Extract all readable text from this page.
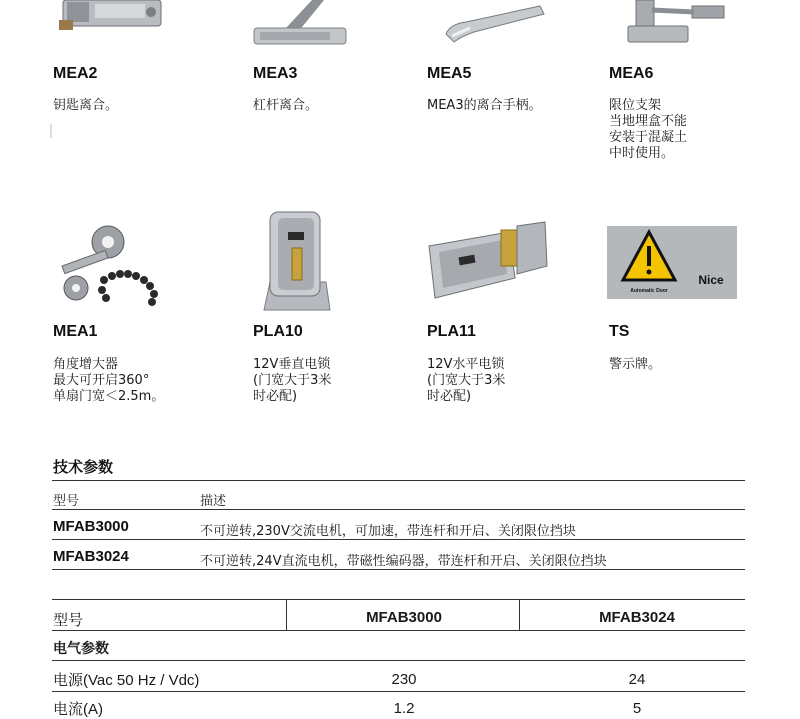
MEA2
钥匙离合。
MEA3
杠杆离合。
MEA5
MEA3的离合手柄。
MEA6
限位支架
当地埋盒不能
安装于混凝土
中时使用。
Automatic Door
Nice
MEA1
角度增大器
最大可开启360°
单扇门宽＜2.5m。
PLA10
12V垂直电锁
(门宽大于3米
时必配)
PLA11
12V水平电锁
(门宽大于3米
时必配)
TS
警示牌。
技术参数
型号	描述
MFAB3000	不可逆转,230V交流电机，可加速，带连杆和开启、关闭限位挡块
MFAB3024	不可逆转,24V直流电机，带磁性编码器，带连杆和开启、关闭限位挡块
型号	MFAB3000	MFAB3024
电气参数
电源(Vac 50 Hz / Vdc)	230	24
电流(A)	1.2	5
